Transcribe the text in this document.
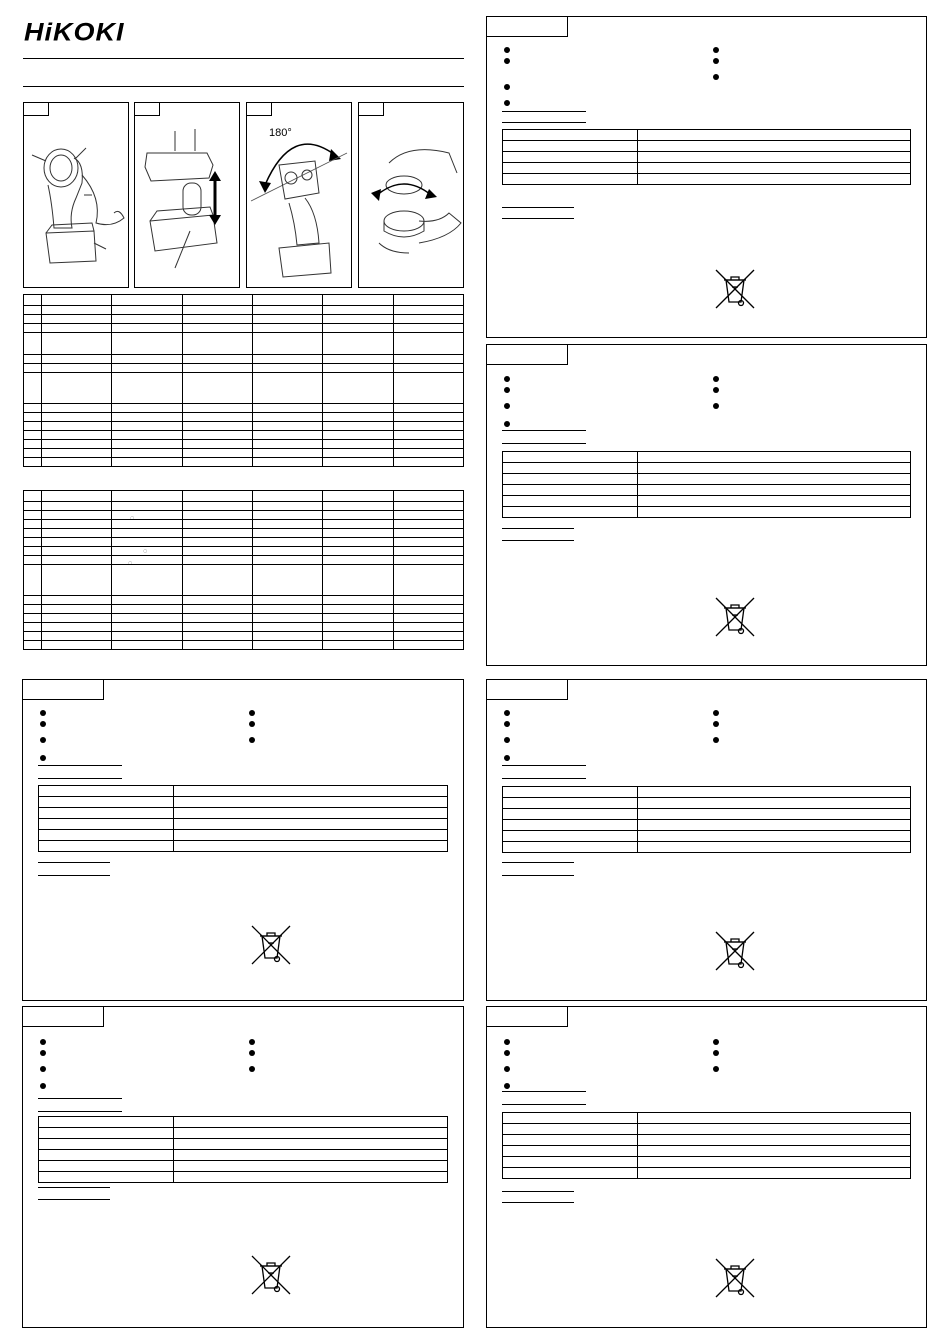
HiKOKI
180°

◌
◌
◌
